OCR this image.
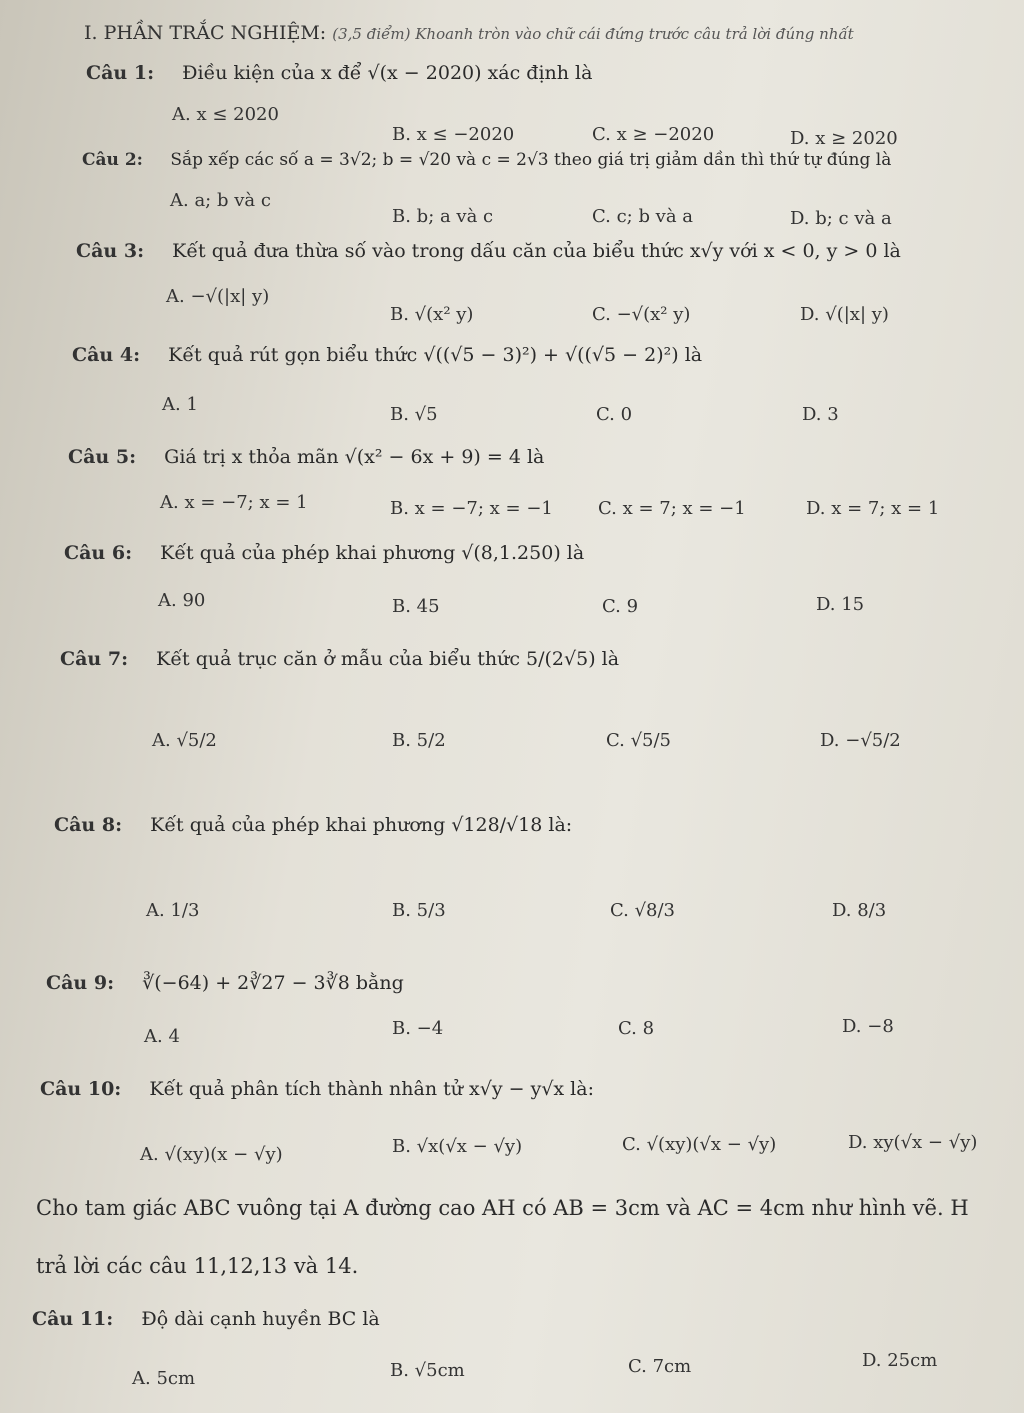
I. PHẦN TRẮC NGHIỆM: (3,5 điểm) Khoanh tròn vào chữ cái đứng trước câu trả lời đúng nhất
Câu 1: Điều kiện của x để √(x − 2020) xác định là
A. x ≤ 2020
B. x ≤ −2020	C. x ≥ −2020	D. x ≥ 2020
Câu 2: Sắp xếp các số a = 3√2; b = √20 và c = 2√3 theo giá trị giảm dần thì thứ tự đúng là
A. a; b và c
B. b; a và c	C. c; b và a	D. b; c và a
Câu 3: Kết quả đưa thừa số vào trong dấu căn của biểu thức x√y với x < 0, y > 0 là
A. −√(|x| y)
B. √(x² y)	C. −√(x² y)	D. √(|x| y)
Câu 4: Kết quả rút gọn biểu thức √((√5 − 3)²) + √((√5 − 2)²) là
A. 1	B. √5	C. 0	D. 3
Câu 5: Giá trị x thỏa mãn √(x² − 6x + 9) = 4 là
A. x = −7; x = 1	B. x = −7; x = −1	C. x = 7; x = −1	D. x = 7; x = 1
Câu 6: Kết quả của phép khai phương √(8,1.250) là
A. 90	B. 45	C. 9	D. 15
Câu 7: Kết quả trục căn ở mẫu của biểu thức 5/(2√5) là
A. √5/2	B. 5/2	C. √5/5	D. −√5/2
Câu 8: Kết quả của phép khai phương √128/√18 là:
A. 1/3	B. 5/3	C. √8/3	D. 8/3
Câu 9: ∛(−64) + 2∛27 − 3∛8 bằng
A. 4	B. −4	C. 8	D. −8
Câu 10: Kết quả phân tích thành nhân tử x√y − y√x là:
A. √(xy)(x − √y)	B. √x(√x − √y)	C. √(xy)(√x − √y)	D. xy(√x − √y)
Cho tam giác ABC vuông tại A đường cao AH có AB = 3cm và AC = 4cm như hình vẽ. H
trả lời các câu 11,12,13 và 14.
Câu 11: Độ dài cạnh huyền BC là
A. 5cm	B. √5cm	C. 7cm	D. 25cm
